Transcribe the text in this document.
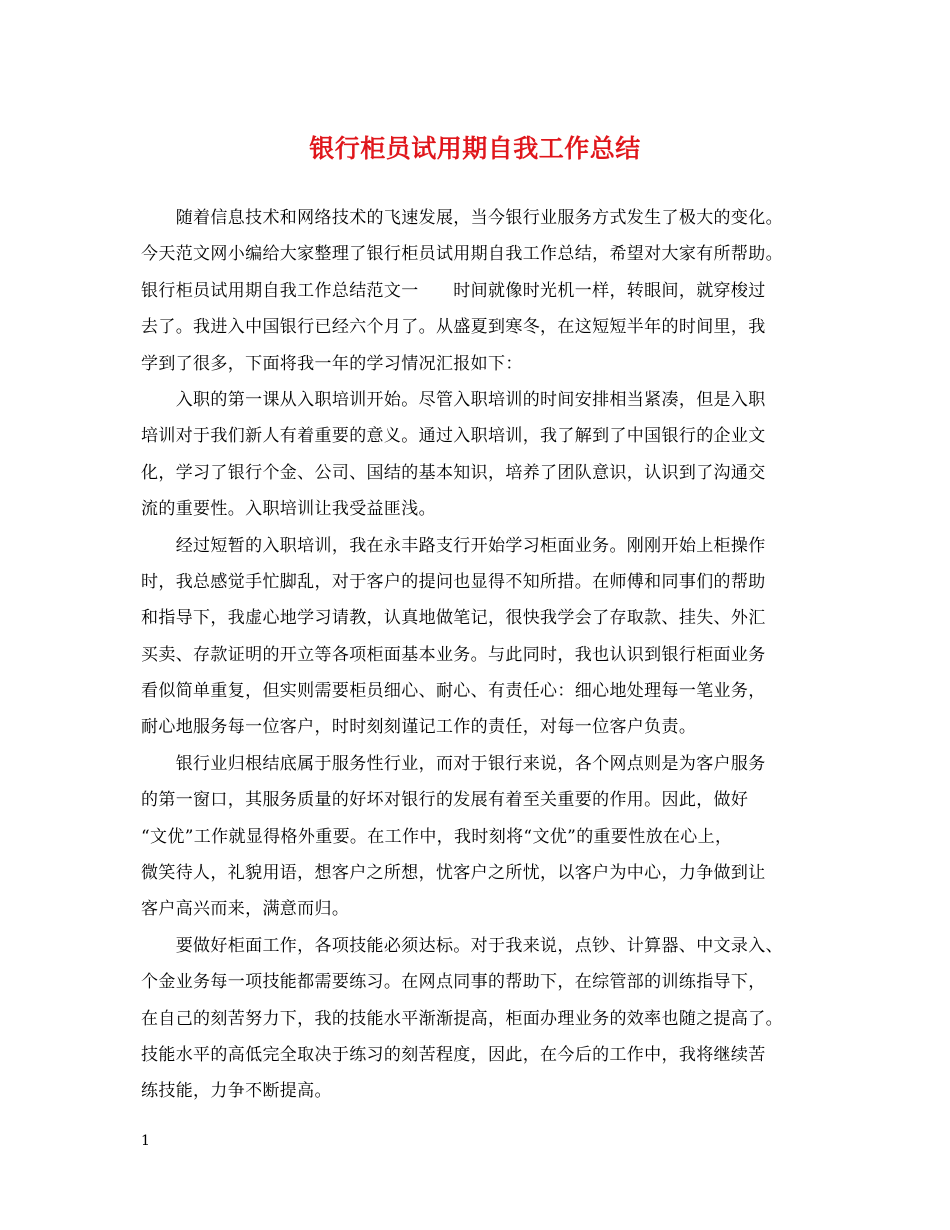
银行柜员试用期自我工作总结
　　随着信息技术和网络技术的飞速发展，当今银行业服务方式发生了极大的变化。
今天范文网小编给大家整理了银行柜员试用期自我工作总结，希望对大家有所帮助。
银行柜员试用期自我工作总结范文一　　时间就像时光机一样，转眼间，就穿梭过
去了。我进入中国银行已经六个月了。从盛夏到寒冬，在这短短半年的时间里，我
学到了很多，下面将我一年的学习情况汇报如下：
　　入职的第一课从入职培训开始。尽管入职培训的时间安排相当紧凑，但是入职
培训对于我们新人有着重要的意义。通过入职培训，我了解到了中国银行的企业文
化，学习了银行个金、公司、国结的基本知识，培养了团队意识，认识到了沟通交
流的重要性。入职培训让我受益匪浅。
　　经过短暂的入职培训，我在永丰路支行开始学习柜面业务。刚刚开始上柜操作
时，我总感觉手忙脚乱，对于客户的提问也显得不知所措。在师傅和同事们的帮助
和指导下，我虚心地学习请教，认真地做笔记，很快我学会了存取款、挂失、外汇
买卖、存款证明的开立等各项柜面基本业务。与此同时，我也认识到银行柜面业务
看似简单重复，但实则需要柜员细心、耐心、有责任心：细心地处理每一笔业务，
耐心地服务每一位客户，时时刻刻谨记工作的责任，对每一位客户负责。
　　银行业归根结底属于服务性行业，而对于银行来说，各个网点则是为客户服务
的第一窗口，其服务质量的好坏对银行的发展有着至关重要的作用。因此，做好
“文优”工作就显得格外重要。在工作中，我时刻将“文优”的重要性放在心上，
微笑待人，礼貌用语，想客户之所想，忧客户之所忧，以客户为中心，力争做到让
客户高兴而来，满意而归。
　　要做好柜面工作，各项技能必须达标。对于我来说，点钞、计算器、中文录入、
个金业务每一项技能都需要练习。在网点同事的帮助下，在综管部的训练指导下，
在自己的刻苦努力下，我的技能水平渐渐提高，柜面办理业务的效率也随之提高了。
技能水平的高低完全取决于练习的刻苦程度，因此，在今后的工作中，我将继续苦
练技能，力争不断提高。
1
